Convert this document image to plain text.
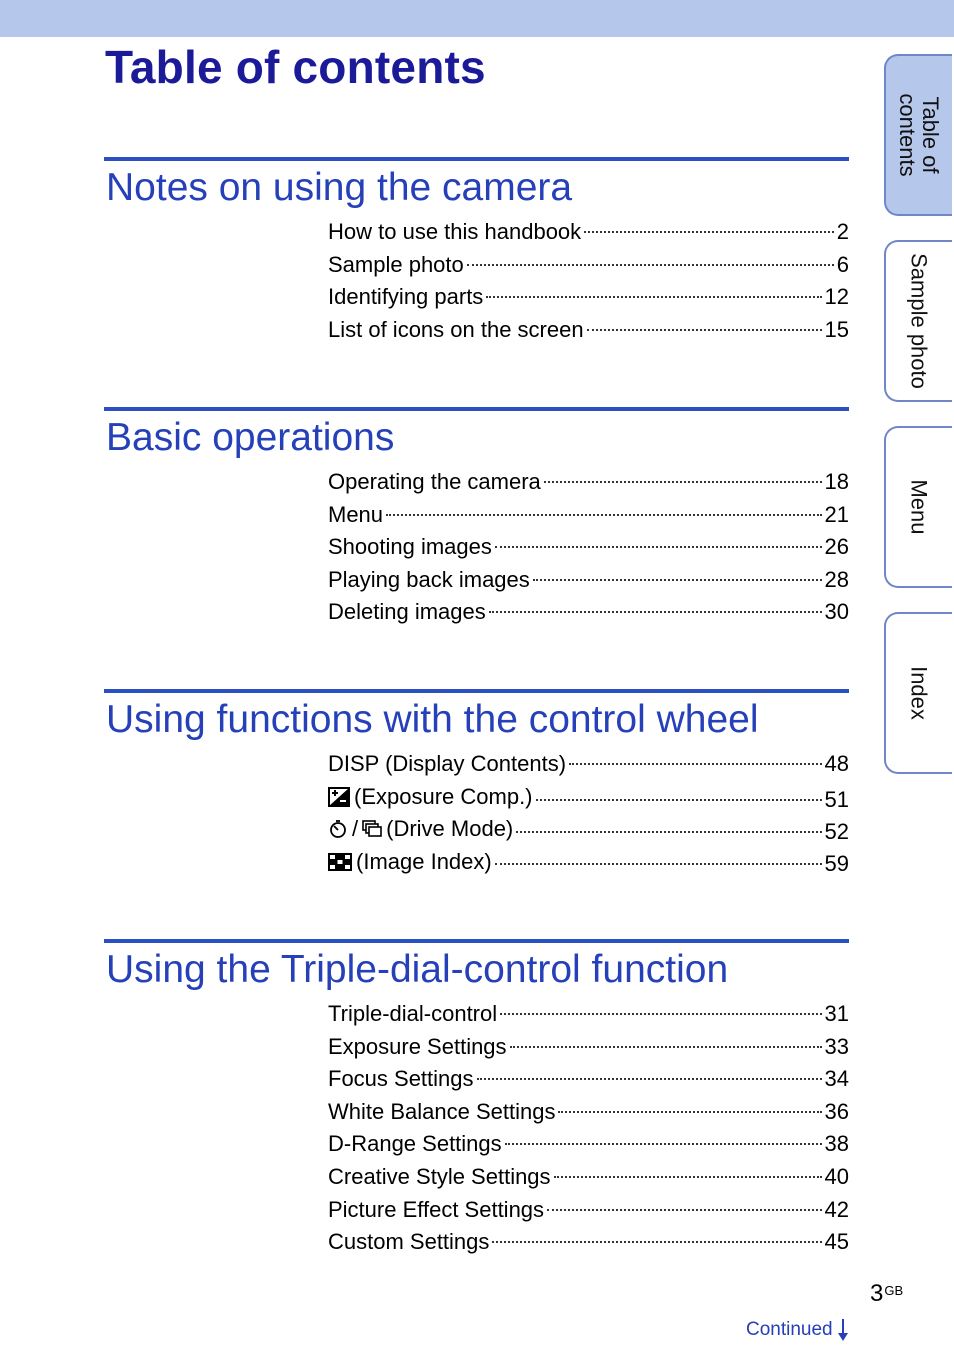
Table of contents
Notes on using the camera
How to use this handbook	2
Sample photo	6
Identifying parts	12
List of icons on the screen	15
Basic operations
Operating the camera	18
Menu	21
Shooting images	26
Playing back images	28
Deleting images	30
Using functions with the control wheel
DISP (Display Contents)	48
(Exposure Comp.)	51
/ (Drive Mode)	52
(Image Index)	59
Using the Triple-dial-control function
Triple-dial-control	31
Exposure Settings	33
Focus Settings	34
White Balance Settings	36
D-Range Settings	38
Creative Style Settings	40
Picture Effect Settings	42
Custom Settings	45
Table of
contents
Sample photo
Menu
Index
$3^{GB}$
Continued
